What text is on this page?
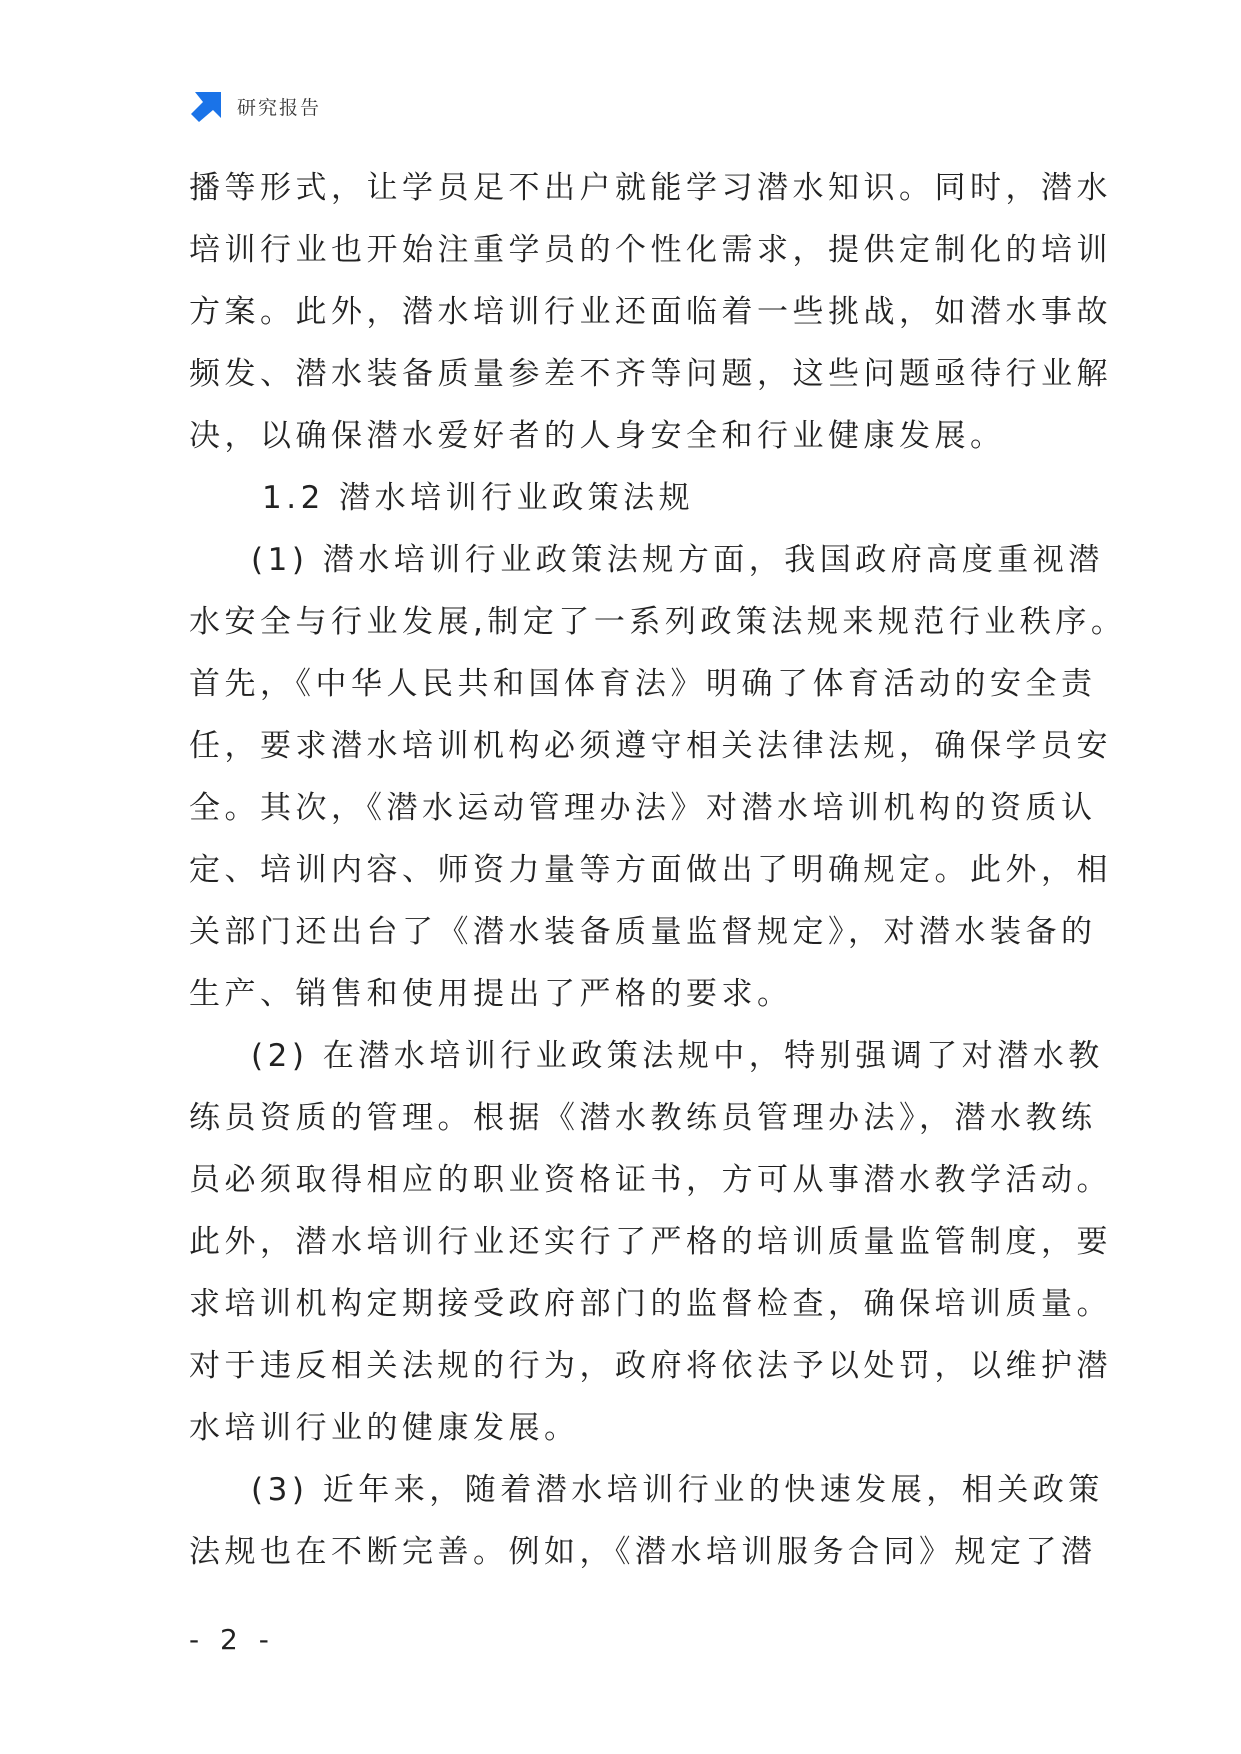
研究报告
播等形式，让学员足不出户就能学习潜水知识。同时，潜水
培训行业也开始注重学员的个性化需求，提供定制化的培训
方案。此外，潜水培训行业还面临着一些挑战，如潜水事故
频发、潜水装备质量参差不齐等问题，这些问题亟待行业解
决，以确保潜水爱好者的人身安全和行业健康发展。
1.2 潜水培训行业政策法规
(1) 潜水培训行业政策法规方面，我国政府高度重视潜
水安全与行业发展,制定了一系列政策法规来规范行业秩序。
首先，《中华人民共和国体育法》明确了体育活动的安全责
任，要求潜水培训机构必须遵守相关法律法规，确保学员安
全。其次，《潜水运动管理办法》对潜水培训机构的资质认
定、培训内容、师资力量等方面做出了明确规定。此外，相
关部门还出台了《潜水装备质量监督规定》，对潜水装备的
生产、销售和使用提出了严格的要求。
(2) 在潜水培训行业政策法规中，特别强调了对潜水教
练员资质的管理。根据《潜水教练员管理办法》，潜水教练
员必须取得相应的职业资格证书，方可从事潜水教学活动。
此外，潜水培训行业还实行了严格的培训质量监管制度，要
求培训机构定期接受政府部门的监督检查，确保培训质量。
对于违反相关法规的行为，政府将依法予以处罚，以维护潜
水培训行业的健康发展。
(3) 近年来，随着潜水培训行业的快速发展，相关政策
法规也在不断完善。例如，《潜水培训服务合同》规定了潜
- 2 -
